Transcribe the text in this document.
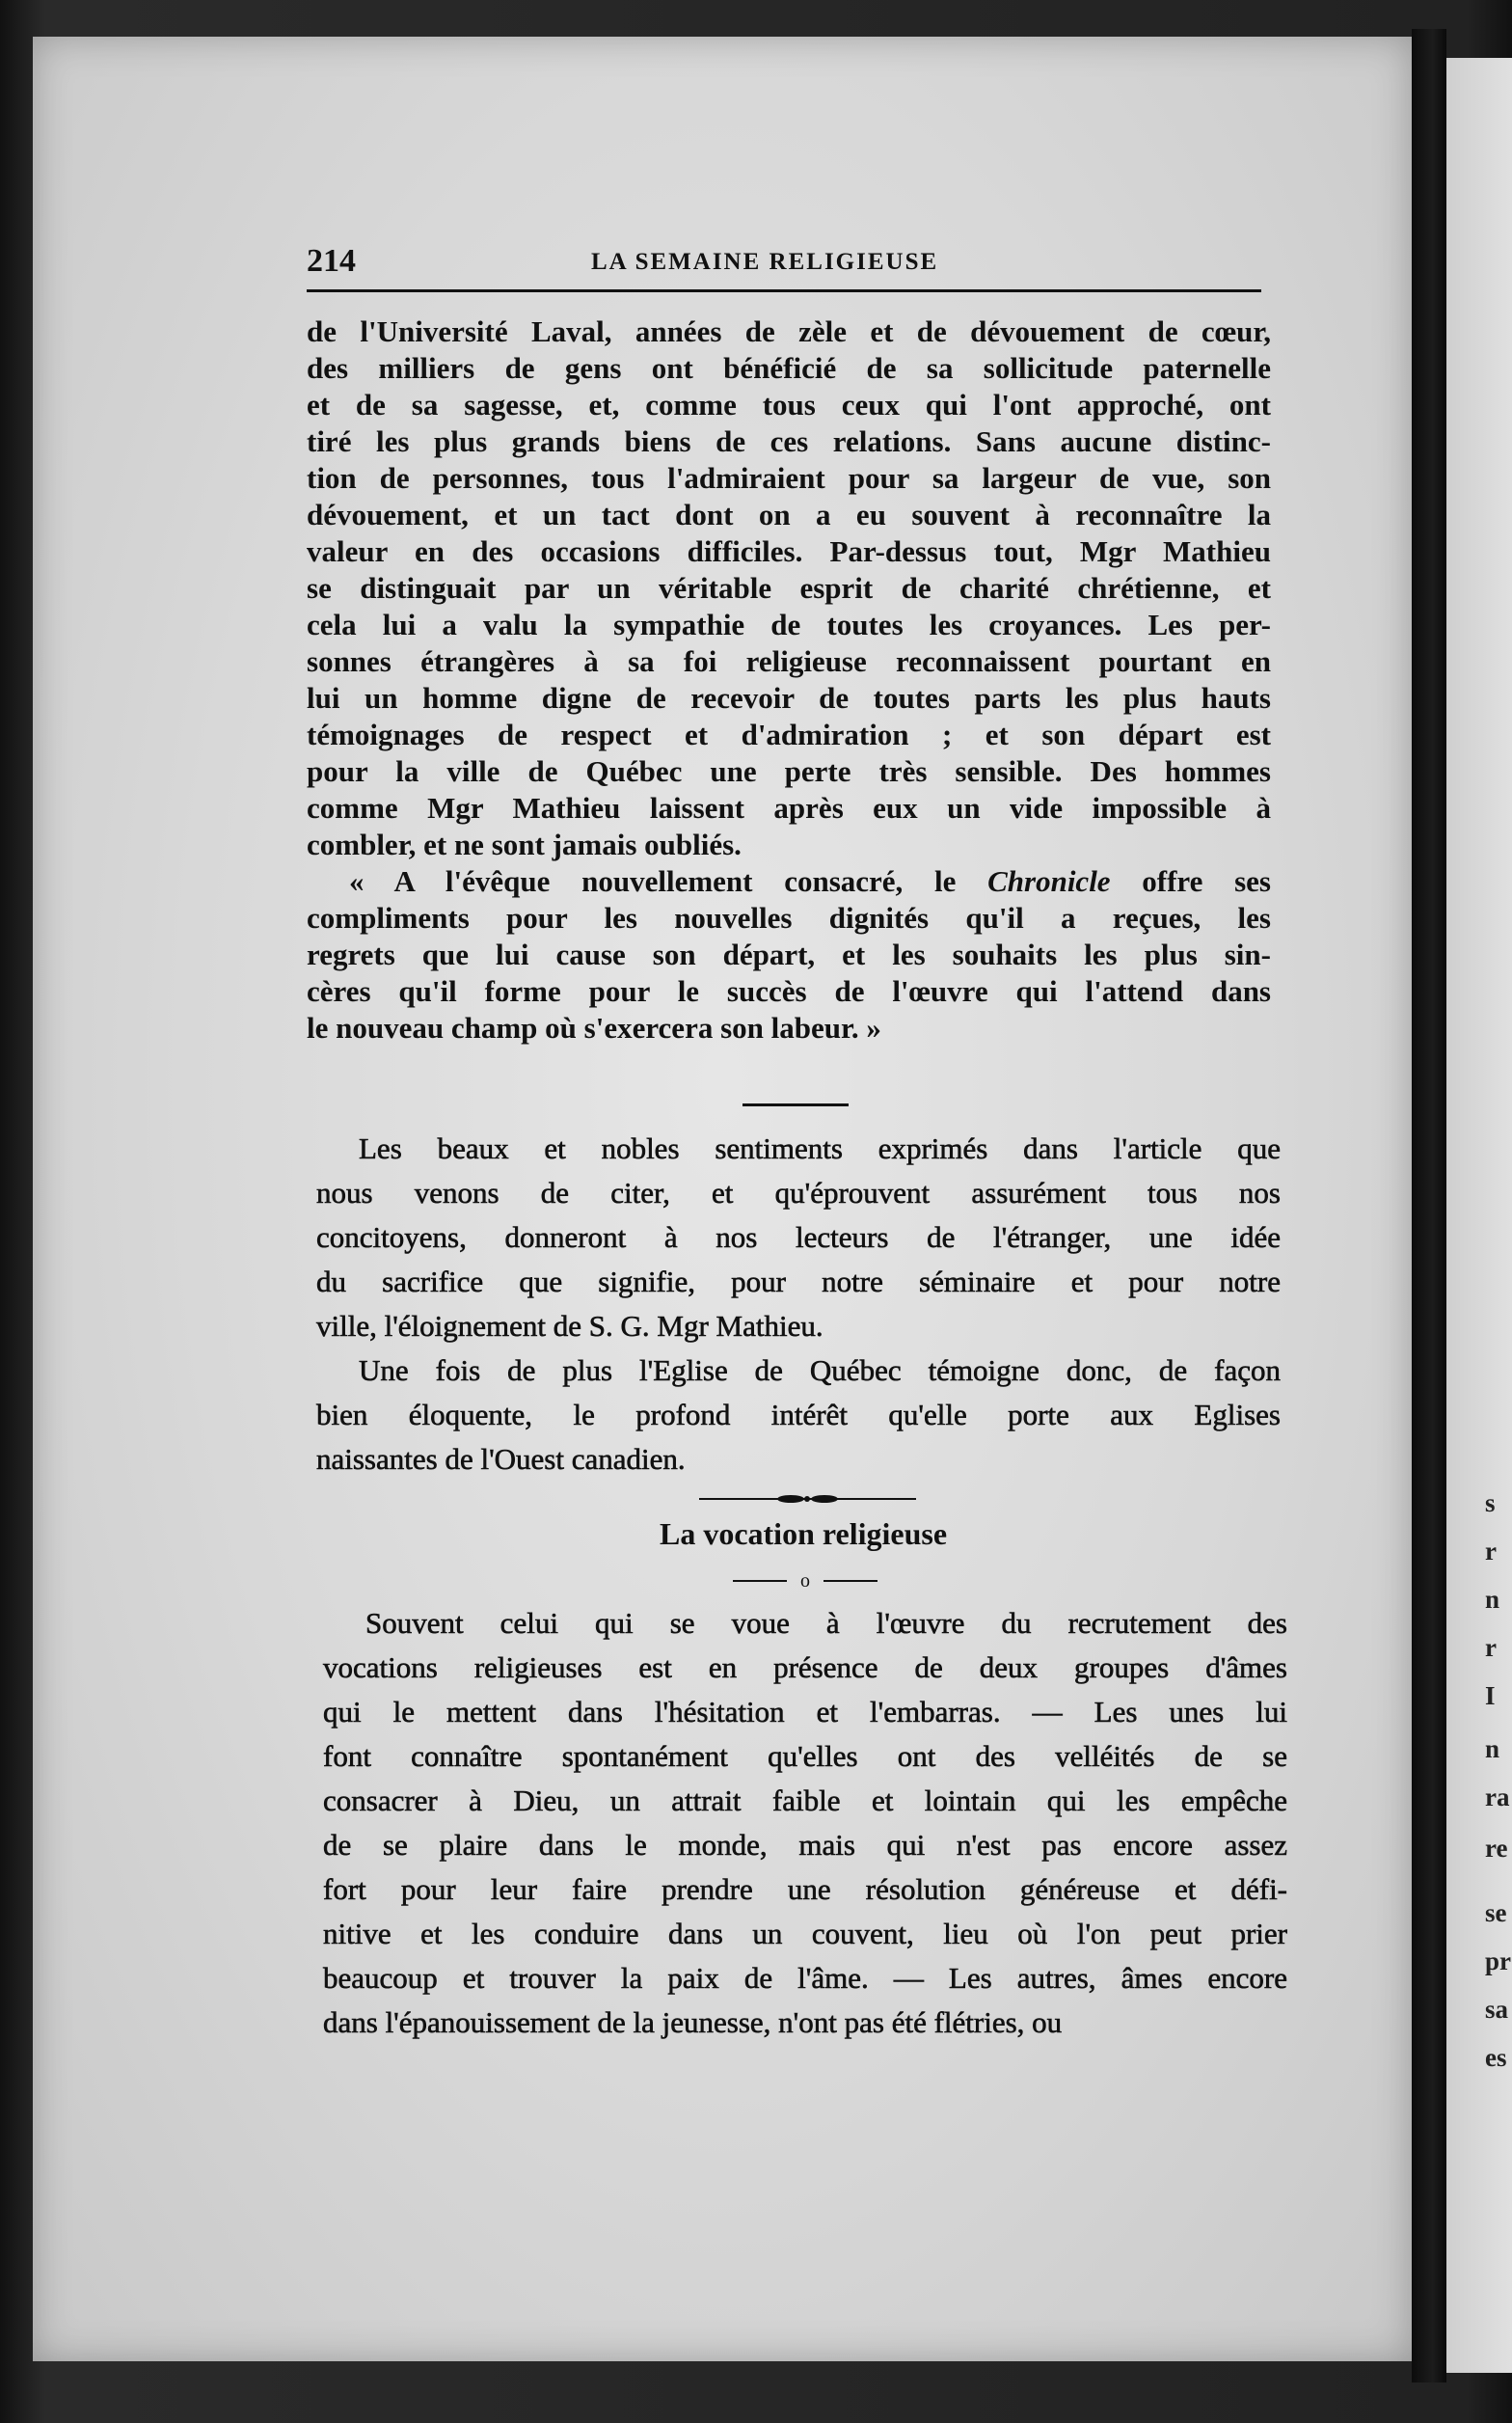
s
r
n
r
I
n
ra
re
se
pr
sa
es
214	LA SEMAINE RELIGIEUSE
de l'Université Laval, années de zèle et de dévouement de cœur,
des milliers de gens ont bénéficié de sa sollicitude paternelle
et de sa sagesse, et, comme tous ceux qui l'ont approché, ont
tiré les plus grands biens de ces relations. Sans aucune distinc-
tion de personnes, tous l'admiraient pour sa largeur de vue, son
dévouement, et un tact dont on a eu souvent à reconnaître la
valeur en des occasions difficiles. Par-dessus tout, Mgr Mathieu
se distinguait par un véritable esprit de charité chrétienne, et
cela lui a valu la sympathie de toutes les croyances. Les per-
sonnes étrangères à sa foi religieuse reconnaissent pourtant en
lui un homme digne de recevoir de toutes parts les plus hauts
témoignages de respect et d'admiration ; et son départ est
pour la ville de Québec une perte très sensible. Des hommes
comme Mgr Mathieu laissent après eux un vide impossible à
combler, et ne sont jamais oubliés.
« A l'évêque nouvellement consacré, le Chronicle offre ses
compliments pour les nouvelles dignités qu'il a reçues, les
regrets que lui cause son départ, et les souhaits les plus sin-
cères qu'il forme pour le succès de l'œuvre qui l'attend dans
le nouveau champ où s'exercera son labeur. »
Les beaux et nobles sentiments exprimés dans l'article que
nous venons de citer, et qu'éprouvent assurément tous nos
concitoyens, donneront à nos lecteurs de l'étranger, une idée
du sacrifice que signifie, pour notre séminaire et pour notre
ville, l'éloignement de S. G. Mgr Mathieu.
Une fois de plus l'Eglise de Québec témoigne donc, de façon
bien éloquente, le profond intérêt qu'elle porte aux Eglises
naissantes de l'Ouest canadien.
La vocation religieuse
o
Souvent celui qui se voue à l'œuvre du recrutement des
vocations religieuses est en présence de deux groupes d'âmes
qui le mettent dans l'hésitation et l'embarras. — Les unes lui
font connaître spontanément qu'elles ont des velléités de se
consacrer à Dieu, un attrait faible et lointain qui les empêche
de se plaire dans le monde, mais qui n'est pas encore assez
fort pour leur faire prendre une résolution généreuse et défi-
nitive et les conduire dans un couvent, lieu où l'on peut prier
beaucoup et trouver la paix de l'âme. — Les autres, âmes encore
dans l'épanouissement de la jeunesse, n'ont pas été flétries, ou
